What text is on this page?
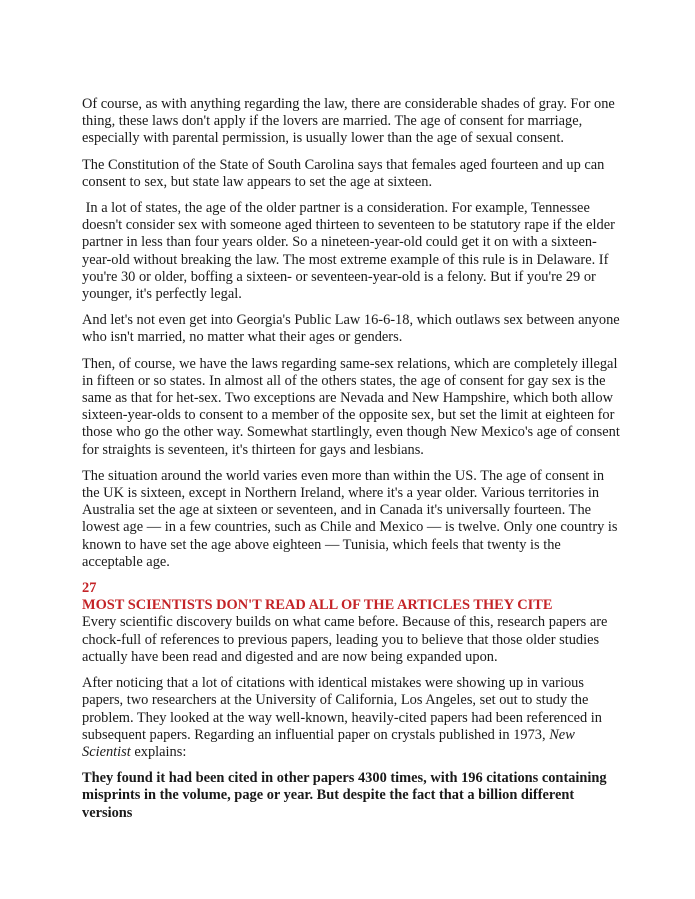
Of course, as with anything regarding the law, there are considerable shades of gray. For one thing, these laws don't apply if the lovers are married. The age of consent for marriage, especially with parental permission, is usually lower than the age of sexual consent.

The Constitution of the State of South Carolina says that females aged fourteen and up can consent to sex, but state law appears to set the age at sixteen.

In a lot of states, the age of the older partner is a consideration. For example, Tennessee doesn't consider sex with someone aged thirteen to seventeen to be statutory rape if the elder partner in less than four years older. So a nineteen-year-old could get it on with a sixteen-year-old without breaking the law. The most extreme example of this rule is in Delaware. If you're 30 or older, boffing a sixteen- or seventeen-year-old is a felony. But if you're 29 or younger, it's perfectly legal.

And let's not even get into Georgia's Public Law 16-6-18, which outlaws sex between anyone who isn't married, no matter what their ages or genders.

Then, of course, we have the laws regarding same-sex relations, which are completely illegal in fifteen or so states. In almost all of the others states, the age of consent for gay sex is the same as that for het-sex. Two exceptions are Nevada and New Hampshire, which both allow sixteen-year-olds to consent to a member of the opposite sex, but set the limit at eighteen for those who go the other way. Somewhat startlingly, even though New Mexico's age of consent for straights is seventeen, it's thirteen for gays and lesbians.

The situation around the world varies even more than within the US. The age of consent in the UK is sixteen, except in Northern Ireland, where it's a year older. Various territories in Australia set the age at sixteen or seventeen, and in Canada it's universally fourteen. The lowest age — in a few countries, such as Chile and Mexico — is twelve. Only one country is known to have set the age above eighteen — Tunisia, which feels that twenty is the acceptable age.

27

MOST SCIENTISTS DON'T READ ALL OF THE ARTICLES THEY CITE

Every scientific discovery builds on what came before. Because of this, research papers are chock-full of references to previous papers, leading you to believe that those older studies actually have been read and digested and are now being expanded upon.

After noticing that a lot of citations with identical mistakes were showing up in various papers, two researchers at the University of California, Los Angeles, set out to study the problem. They looked at the way well-known, heavily-cited papers had been referenced in subsequent papers. Regarding an influential paper on crystals published in 1973, New Scientist explains:

They found it had been cited in other papers 4300 times, with 196 citations containing misprints in the volume, page or year. But despite the fact that a billion different versions
